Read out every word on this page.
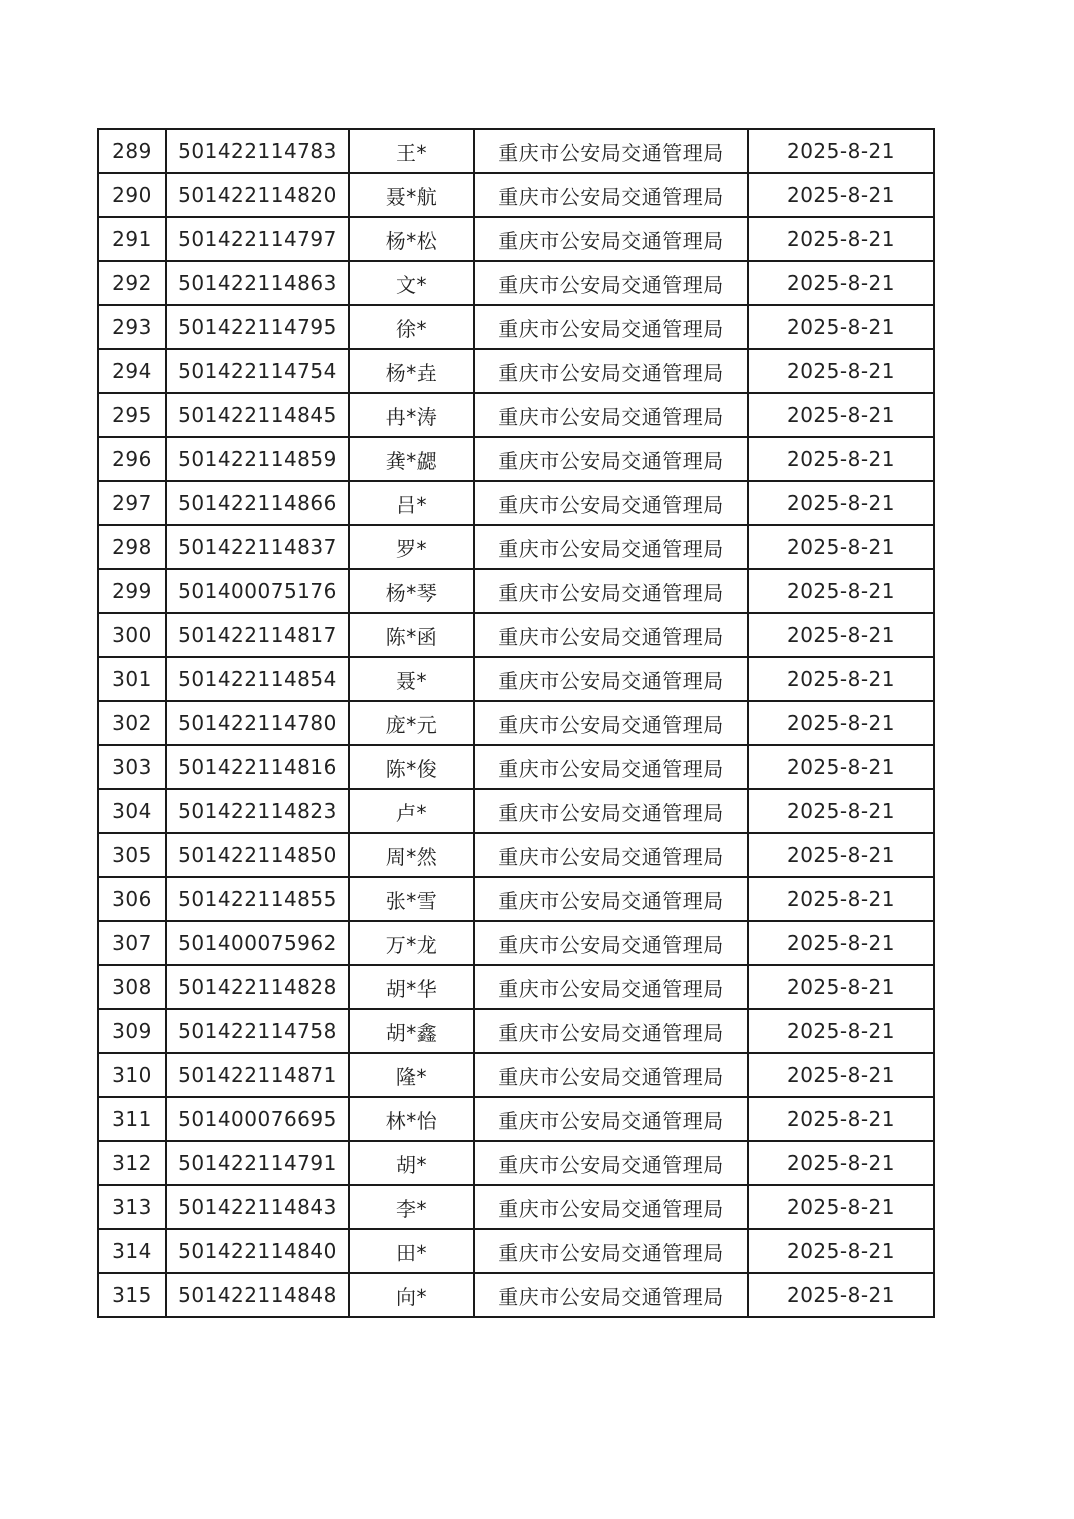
289	501422114783	王*	重庆市公安局交通管理局	2025-8-21
290	501422114820	聂*航	重庆市公安局交通管理局	2025-8-21
291	501422114797	杨*松	重庆市公安局交通管理局	2025-8-21
292	501422114863	文*	重庆市公安局交通管理局	2025-8-21
293	501422114795	徐*	重庆市公安局交通管理局	2025-8-21
294	501422114754	杨*垚	重庆市公安局交通管理局	2025-8-21
295	501422114845	冉*涛	重庆市公安局交通管理局	2025-8-21
296	501422114859	龚*勰	重庆市公安局交通管理局	2025-8-21
297	501422114866	吕*	重庆市公安局交通管理局	2025-8-21
298	501422114837	罗*	重庆市公安局交通管理局	2025-8-21
299	501400075176	杨*琴	重庆市公安局交通管理局	2025-8-21
300	501422114817	陈*函	重庆市公安局交通管理局	2025-8-21
301	501422114854	聂*	重庆市公安局交通管理局	2025-8-21
302	501422114780	庞*元	重庆市公安局交通管理局	2025-8-21
303	501422114816	陈*俊	重庆市公安局交通管理局	2025-8-21
304	501422114823	卢*	重庆市公安局交通管理局	2025-8-21
305	501422114850	周*然	重庆市公安局交通管理局	2025-8-21
306	501422114855	张*雪	重庆市公安局交通管理局	2025-8-21
307	501400075962	万*龙	重庆市公安局交通管理局	2025-8-21
308	501422114828	胡*华	重庆市公安局交通管理局	2025-8-21
309	501422114758	胡*鑫	重庆市公安局交通管理局	2025-8-21
310	501422114871	隆*	重庆市公安局交通管理局	2025-8-21
311	501400076695	林*怡	重庆市公安局交通管理局	2025-8-21
312	501422114791	胡*	重庆市公安局交通管理局	2025-8-21
313	501422114843	李*	重庆市公安局交通管理局	2025-8-21
314	501422114840	田*	重庆市公安局交通管理局	2025-8-21
315	501422114848	向*	重庆市公安局交通管理局	2025-8-21
